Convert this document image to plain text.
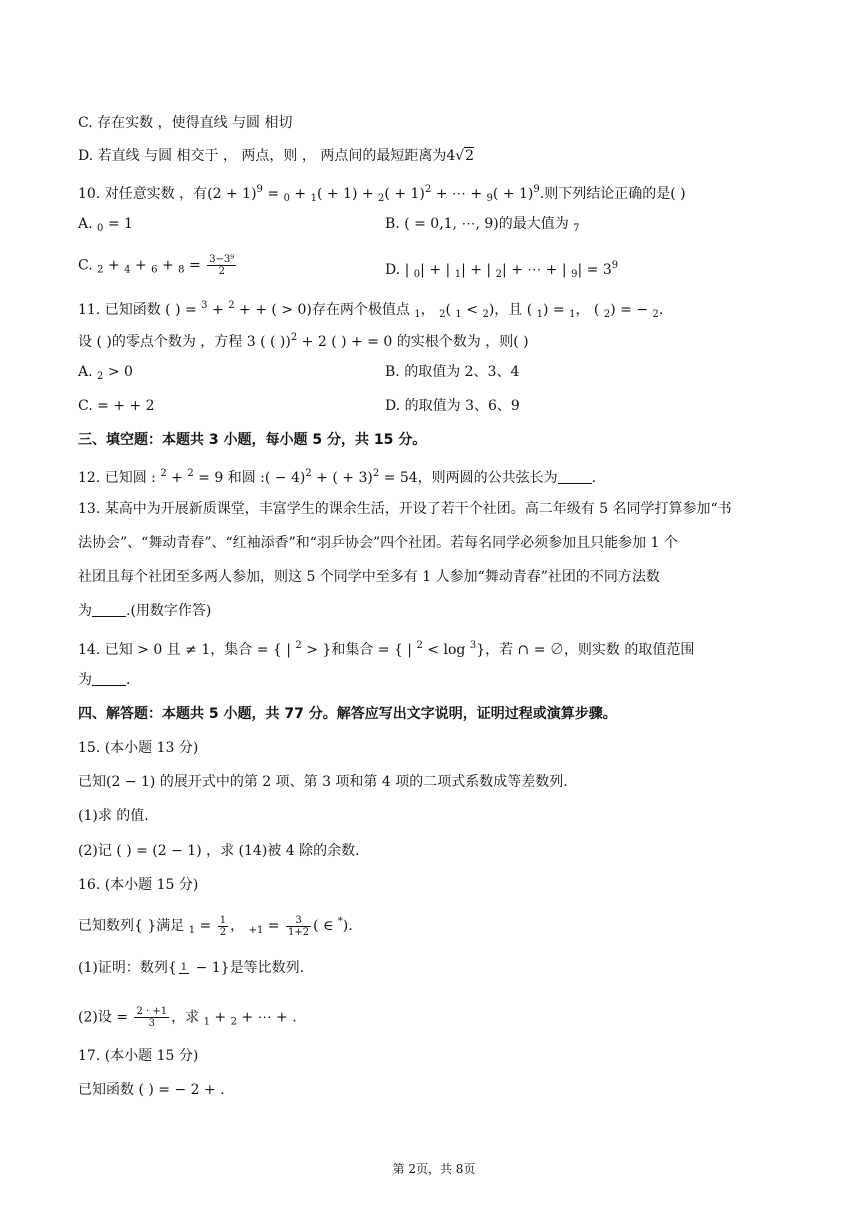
C. 存在实数 ，使得直线 与圆 相切
D. 若直线 与圆 相交于 ， 两点，则 ， 两点间的最短距离为4√2
10. 对任意实数 ，有$(2 + 1)^9 = _0 + _1( + 1) + _2( + 1)^2$ + ⋯ + $_9( + 1)^9$.则下列结论正确的是( )
A. $_0$ = 1	B. ( = 0,1, ⋯, 9)的最大值为 $_7$
C. $_2 + _4 + _6 + _8 = \frac{\text{3−3⁹}}{2}$	D. | $_0$| + | $_1$| + | $_2$| + ⋯ + | $_9| = 3^9$
11. 已知函数 ( ) = $^3$ + $^2$ + + ( > 0)存在两个极值点 $_1$， $_2$( $_1$ < $_2$)，且 ( $_1$) = $_1$， ( $_2$) = − $_2$.
设 ( )的零点个数为 ，方程 3 ( ( ))$^2$ + 2 ( ) + = 0 的实根个数为 ，则( )
A. $_2$ > 0	B. 的取值为 2、3、4
C. = + + 2	D. 的取值为 3、6、9
三、填空题：本题共 3 小题，每小题 5 分，共 15 分。
12. 已知圆 : $^2$ + $^2$ = 9 和圆 :( − 4)$^2$ + ( + 3)$^2$ = 54，则两圆的公共弦长为 .
13. 某高中为开展新质课堂，丰富学生的课余生活，开设了若干个社团。高二年级有 5 名同学打算参加“书
法协会”、“舞动青春”、“红袖添香”和“羽乒协会”四个社团。若每名同学必须参加且只能参加 1 个
社团且每个社团至多两人参加，则这 5 个同学中至多有 1 人参加“舞动青春”社团的不同方法数
为 .(用数字作答)
14. 已知 > 0 且 ≠ 1，集合 = { | $^2$ > }和集合 = { | $^2$ < log $^3$}，若 ∩ = ∅，则实数 的取值范围
为 .
四、解答题：本题共 5 小题，共 77 分。解答应写出文字说明，证明过程或演算步骤。
15. (本小题 13 分)
已知(2 − 1) 的展开式中的第 2 项、第 3 项和第 4 项的二项式系数成等差数列.
(1)求 的值.
(2)记 ( ) = (2 − 1) ，求 (14)被 4 除的余数.
16. (本小题 15 分)
已知数列{ }满足 $_1 = \frac{1}{2}$ ， $_{+1} = \frac{3}{1+2}$ ( ∈ *).
(1)证明：数列{ 1 − 1}是等比数列.
(2)设 = $\frac{2 \cdot +1}{3}$ ，求 $_1$ + $_2$ + ⋯ + .
17. (本小题 15 分)
已知函数 ( ) = − 2 + .
第 2页，共 8页
